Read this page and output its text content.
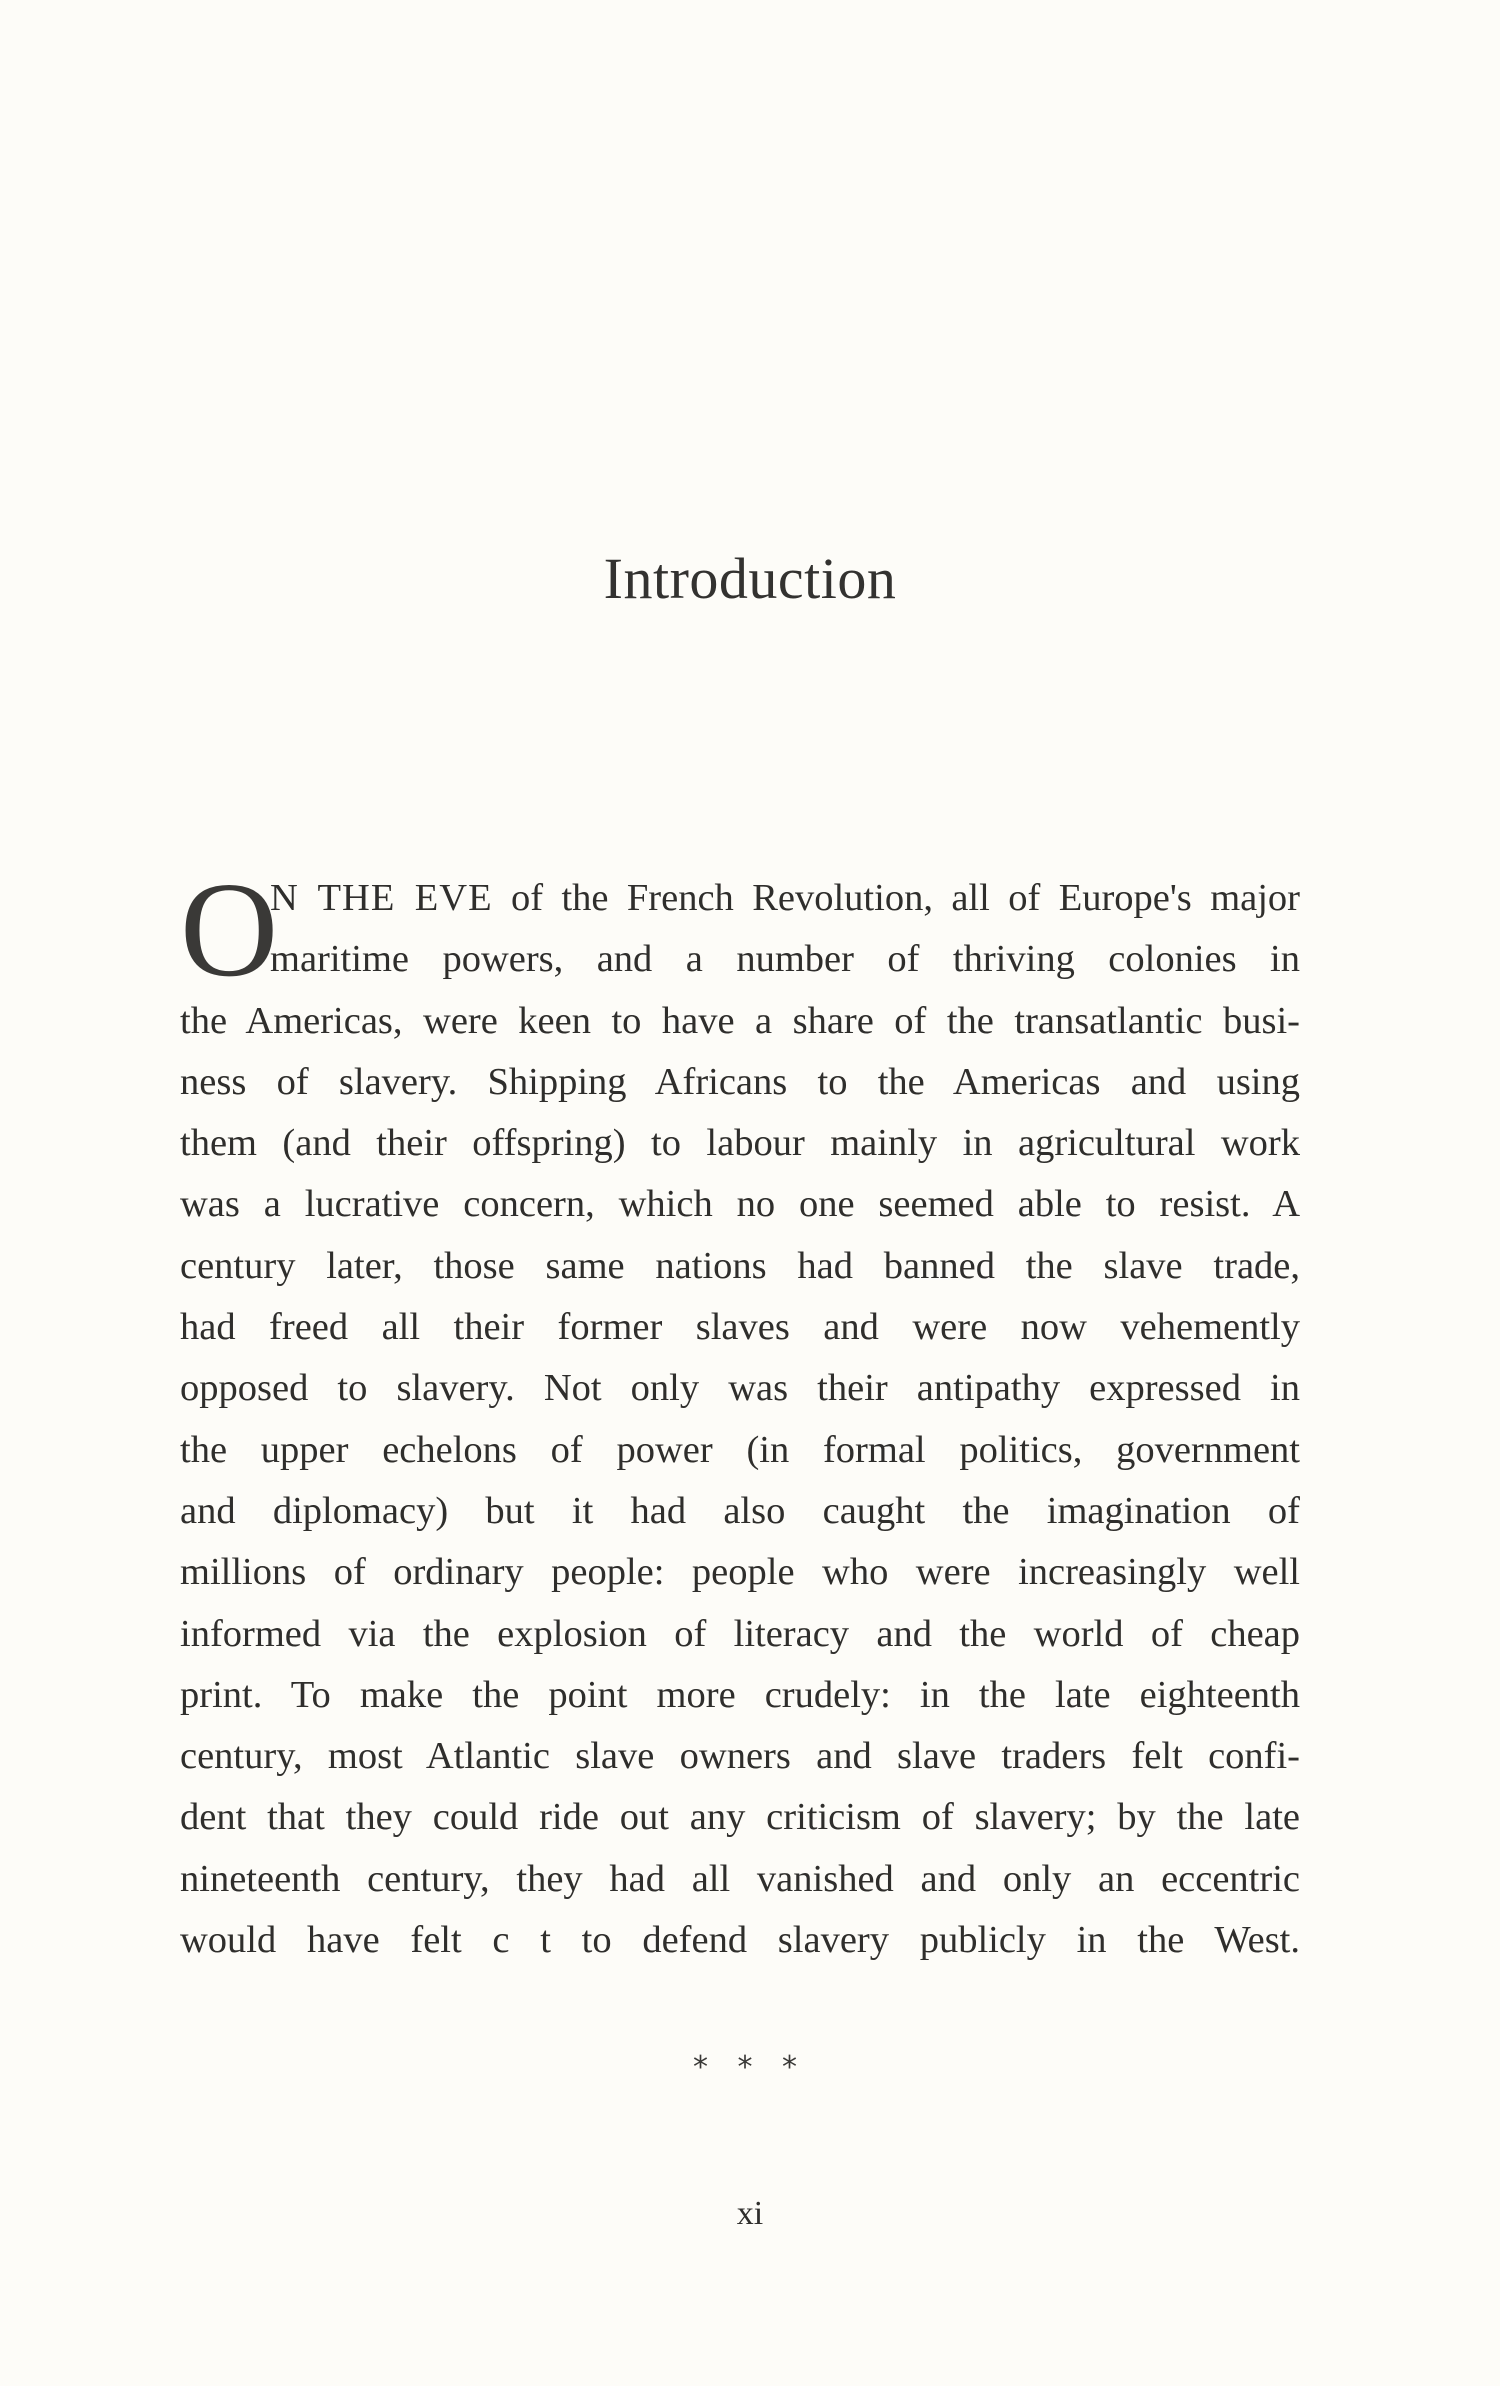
Introduction
O
N THE EVE of the French Revolution, all of Europe's major
maritime powers, and a number of thriving colonies in
the Americas, were keen to have a share of the transatlantic busi-
ness of slavery. Shipping Africans to the Americas and using
them (and their offspring) to labour mainly in agricultural work
was a lucrative concern, which no one seemed able to resist. A
century later, those same nations had banned the slave trade,
had freed all their former slaves and were now vehemently
opposed to slavery. Not only was their antipathy expressed in
the upper echelons of power (in formal politics, government
and diplomacy) but it had also caught the imagination of
millions of ordinary people: people who were increasingly well
informed via the explosion of literacy and the world of cheap
print. To make the point more crudely: in the late eighteenth
century, most Atlantic slave owners and slave traders felt confi-
dent that they could ride out any criticism of slavery; by the late
nineteenth century, they had all vanished and only an eccentric
would have felt c t to defend slavery publicly in the West.
* * *
xi
